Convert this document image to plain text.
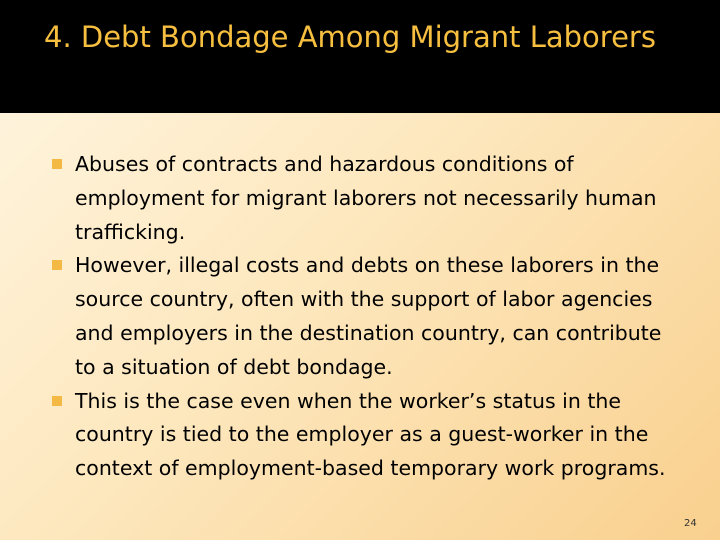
4. Debt Bondage Among Migrant Laborers
Abuses of contracts and hazardous conditions of employment for migrant laborers not necessarily human trafficking.
However, illegal costs and debts on these laborers in the source country, often with the support of labor agencies and employers in the destination country, can contribute to a situation of debt bondage.
This is the case even when the worker’s status in the country is tied to the employer as a guest-worker in the context of employment-based temporary work programs.
24
